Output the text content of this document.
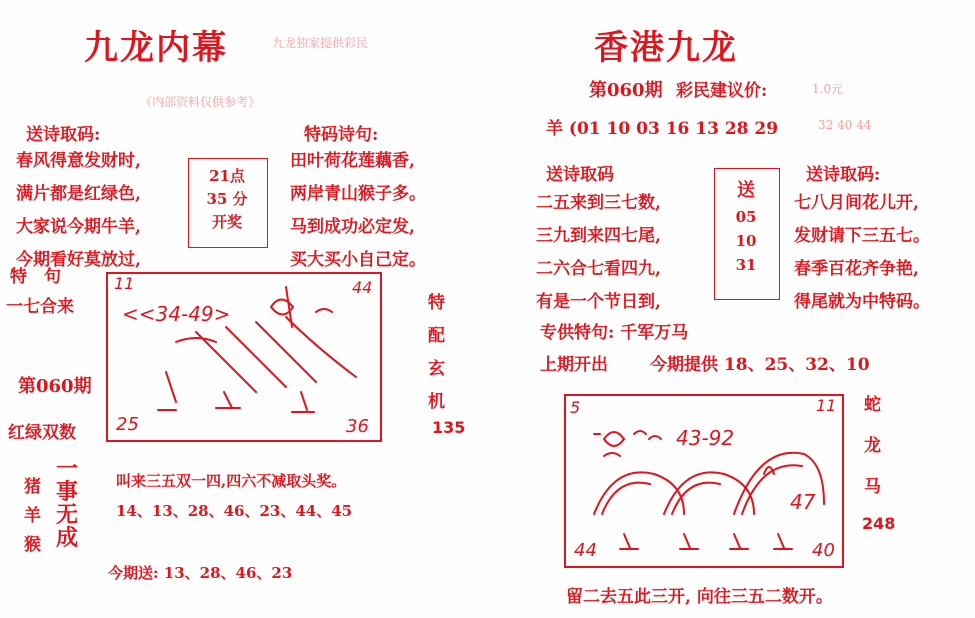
九龙内幕	九龙独家提供彩民
《内部资料仅供参考》
送诗取码:
春风得意发财时,
满片都是红绿色,
大家说今期牛羊,
今期看好莫放过,
21点
35 分
开奖
特码诗句:
田叶荷花莲藕香,
两岸青山猴子多。
马到成功必定发,
买大买小自己定。
特　句
一七合来
第060期
红绿双数
11	44
25	36
<<34-49>	特
配
玄
机
135
猪
羊
猴
一
事
无
成
叫来三五双一四,四六不减取头奖。
14、13、28、46、23、44、45
今期送: 13、28、46、23
香港九龙
第060期 彩民建议价:	1.0元
羊 (01 10 03 16 13 28 29	32 40 44
送诗取码
二五来到三七数,
三九到来四七尾,
二六合七看四九,
有是一个节日到,
送
05
10
31
送诗取码:
七八月间花儿开,
发财请下三五七。
春季百花齐争艳,
得尾就为中特码。
专供特句: 千军万马
上期开出 今期提供 18、25、32、10
5	11
44	40
43-92
47
蛇
龙
马
248
留二去五此三开, 向往三五二数开。
